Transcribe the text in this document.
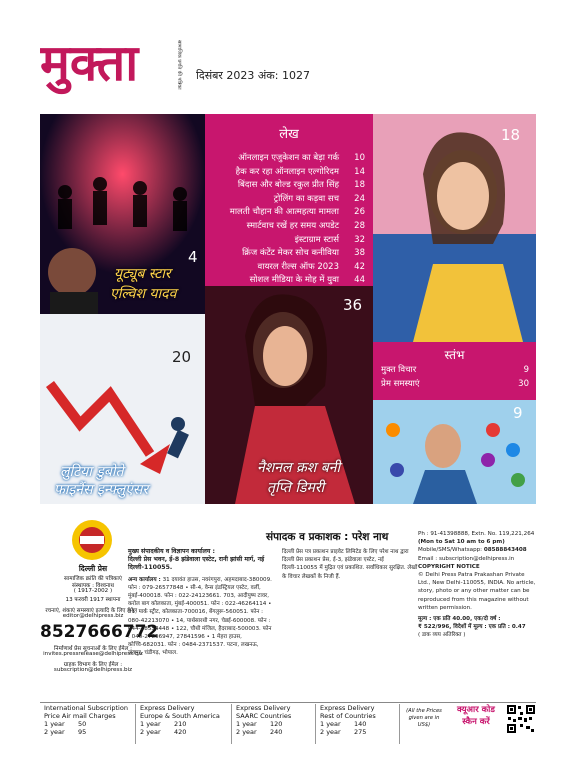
मुक्ता	सामाजिक प्रगति की पत्रिका दिसंबर 2023 अंक: 1027
4
यूट्यूब स्टार
एल्विश यादव
लेख
ऑनलाइन एजुकेशन का बेड़ा गर्क	10
हैक कर रहा ऑनलाइन एल्गोरिदम	14
बिंदास और बोल्ड रकुल प्रीत सिंह	18
ट्रोलिंग का कड़वा सच	24
मालती चौहान की आत्महत्या मामला	26
स्मार्टवाच रखें हर समय अपडेट	28
इंस्टाग्राम स्टार्स	32
क्रिंज कंटेंट मेकर सोच कनीविया	38
वायरल रील्स ऑफ 2023	42
सोशल मीडिया के मोह में युवा	44
18
20
लुटिया डुबोते
फाइनैंस इन्फ्लुएंसर
36
नैशनल क्रश बनी
तृप्ति डिमरी
स्तंभ
मुक्त विचार	9
प्रेम समस्याएं	30
9
दिल्ली प्रेस
सामाजिक क्रांति की पत्रिकाएं
संस्थापक : विश्वनाथ
( 1917-2002 )
13 फरवरी 1917 स्थापना
रचनाएं, शंकाएं समस्याएं इत्यादि के लिए ईमेल :
editor@delhipress.biz
8527666772
निर्माणार्थ प्रेस सूचनाओं के लिए ईमेल :
invites.pressrelease@delhipress.biz
ग्राहक विभाग के लिए ईमेल :
subscription@delhipress.biz
संपादक व प्रकाशक : परेश नाथ
मुख्य संपादकीय व विज्ञापन कार्यालय :
दिल्ली प्रेस भवन, ई-8 झंडेवाला एस्टेट, रानी झांसी मार्ग, नई दिल्ली-110055.
अन्य कार्यालय : 31 दयावंत हाउस, नवरंगपुरा, अहमदाबाद-380009. फोन : 079-26577848 • सी-4, वेन्स इंडस्ट्रियल एस्टेट, वर्ली, मुंबई-400018. फोन : 022-24123661. 703, आदीपुष्प टावर, करोल बाग कोलकाता, मुंबई-400051. फोन : 022-46264114 • 51, पार्क स्ट्रीट, कोलकाता-700016, बेंगलुरू-560051. फोन : 080-42213070 • 14, पार्थसारथी नगर, चेन्नई-600008. फोन : 044-28554448 • 122, चौथी मंजिल, हैदराबाद-500003. फोन : 040-27896947, 27841596 • 1 मेहरा हाउस, कोच्चि-682031. फोन : 0484-2371537. पटना, लखनऊ, जयपुर, चंडीगढ़, भोपाल.
दिल्ली प्रेस पत्र प्रकाशन प्राइवेट लिमिटेड के लिए परेश नाथ द्वारा दिल्ली प्रेस प्रकाशन प्रेस, ई-3, झंडेवाला एस्टेट, नई दिल्ली-110055 में मुद्रित एवं प्रकाशित. सर्वाधिकार सुरक्षित. लेखों के विचार लेखकों के निजी हैं.
Ph : 91-41398888, Extn. No. 119,221,264
(Mon to Sat 10 am to 6 pm)
Mobile/SMS/Whatsapp: 08588843408
Email : subscription@delhipress.in
COPYRIGHT NOTICE
© Delhi Press Patra Prakashan Private Ltd., New Delhi-110055, INDIA. No article, story, photo or any other matter can be reproduced from this magazine without written permission.
मूल्य : एक प्रति 40.00, एक/दो वर्ष :
₹ 522/996, विदेशों में मूल्य : एक प्रति : 0.47
( डाक व्यय अतिरिक्त )
International Subscription
Price Air mail Charges
1 year	50
2 year	95
Express Delivery
Europe & South America
1 year	210
2 year	420
Express Delivery
SAARC Countries
1 year	120
2 year	240
Express Delivery
Rest of Countries
1 year	140
2 year	275
(All the Prices given are in US$)
क्यूआर कोड स्कैन करें
